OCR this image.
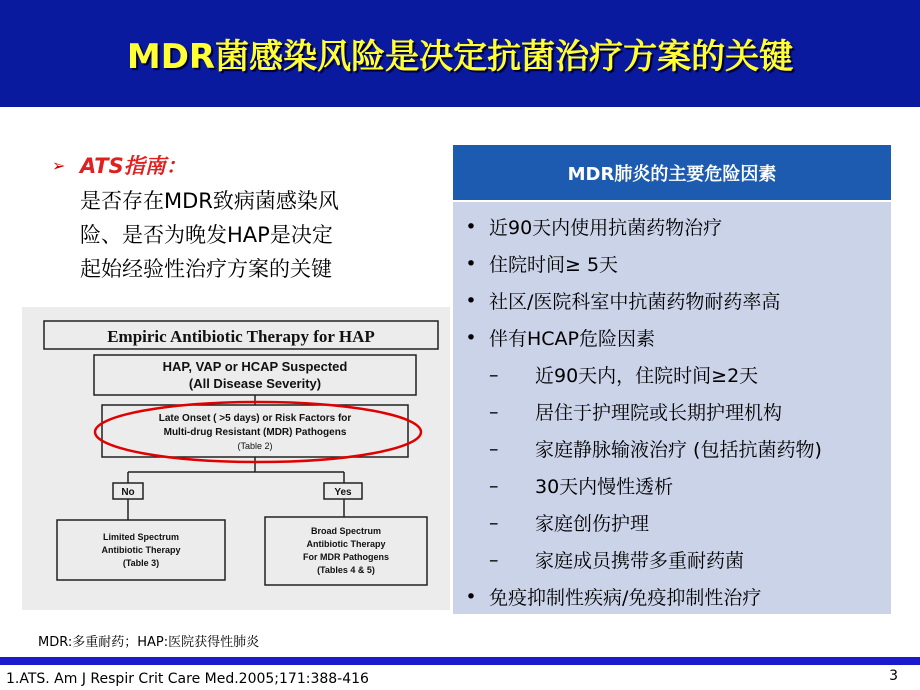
MDR菌感染风险是决定抗菌治疗方案的关键
➢ ATS指南：
是否存在MDR致病菌感染风
险、是否为晚发HAP是决定
起始经验性治疗方案的关键
Empiric Antibiotic Therapy for HAP
HAP, VAP or HCAP Suspected
(All Disease Severity)
Late Onset ( >5 days) or Risk Factors for
Multi-drug Resistant (MDR) Pathogens
(Table 2)
No	Yes
Limited Spectrum
Antibiotic Therapy
(Table 3)
Broad Spectrum
Antibiotic Therapy
For MDR Pathogens
(Tables 4 & 5)
MDR肺炎的主要危险因素
• 近90天内使用抗菌药物治疗
• 住院时间≥ 5天
• 社区/医院科室中抗菌药物耐药率高
• 伴有HCAP危险因素
–	近90天内，住院时间≥2天
–	居住于护理院或长期护理机构
–	家庭静脉输液治疗 (包括抗菌药物)
–	30天内慢性透析
–	家庭创伤护理
–	家庭成员携带多重耐药菌
• 免疫抑制性疾病/免疫抑制性治疗
MDR:多重耐药；HAP:医院获得性肺炎
1.ATS. Am J Respir Crit Care Med.2005;171:388-416	3
